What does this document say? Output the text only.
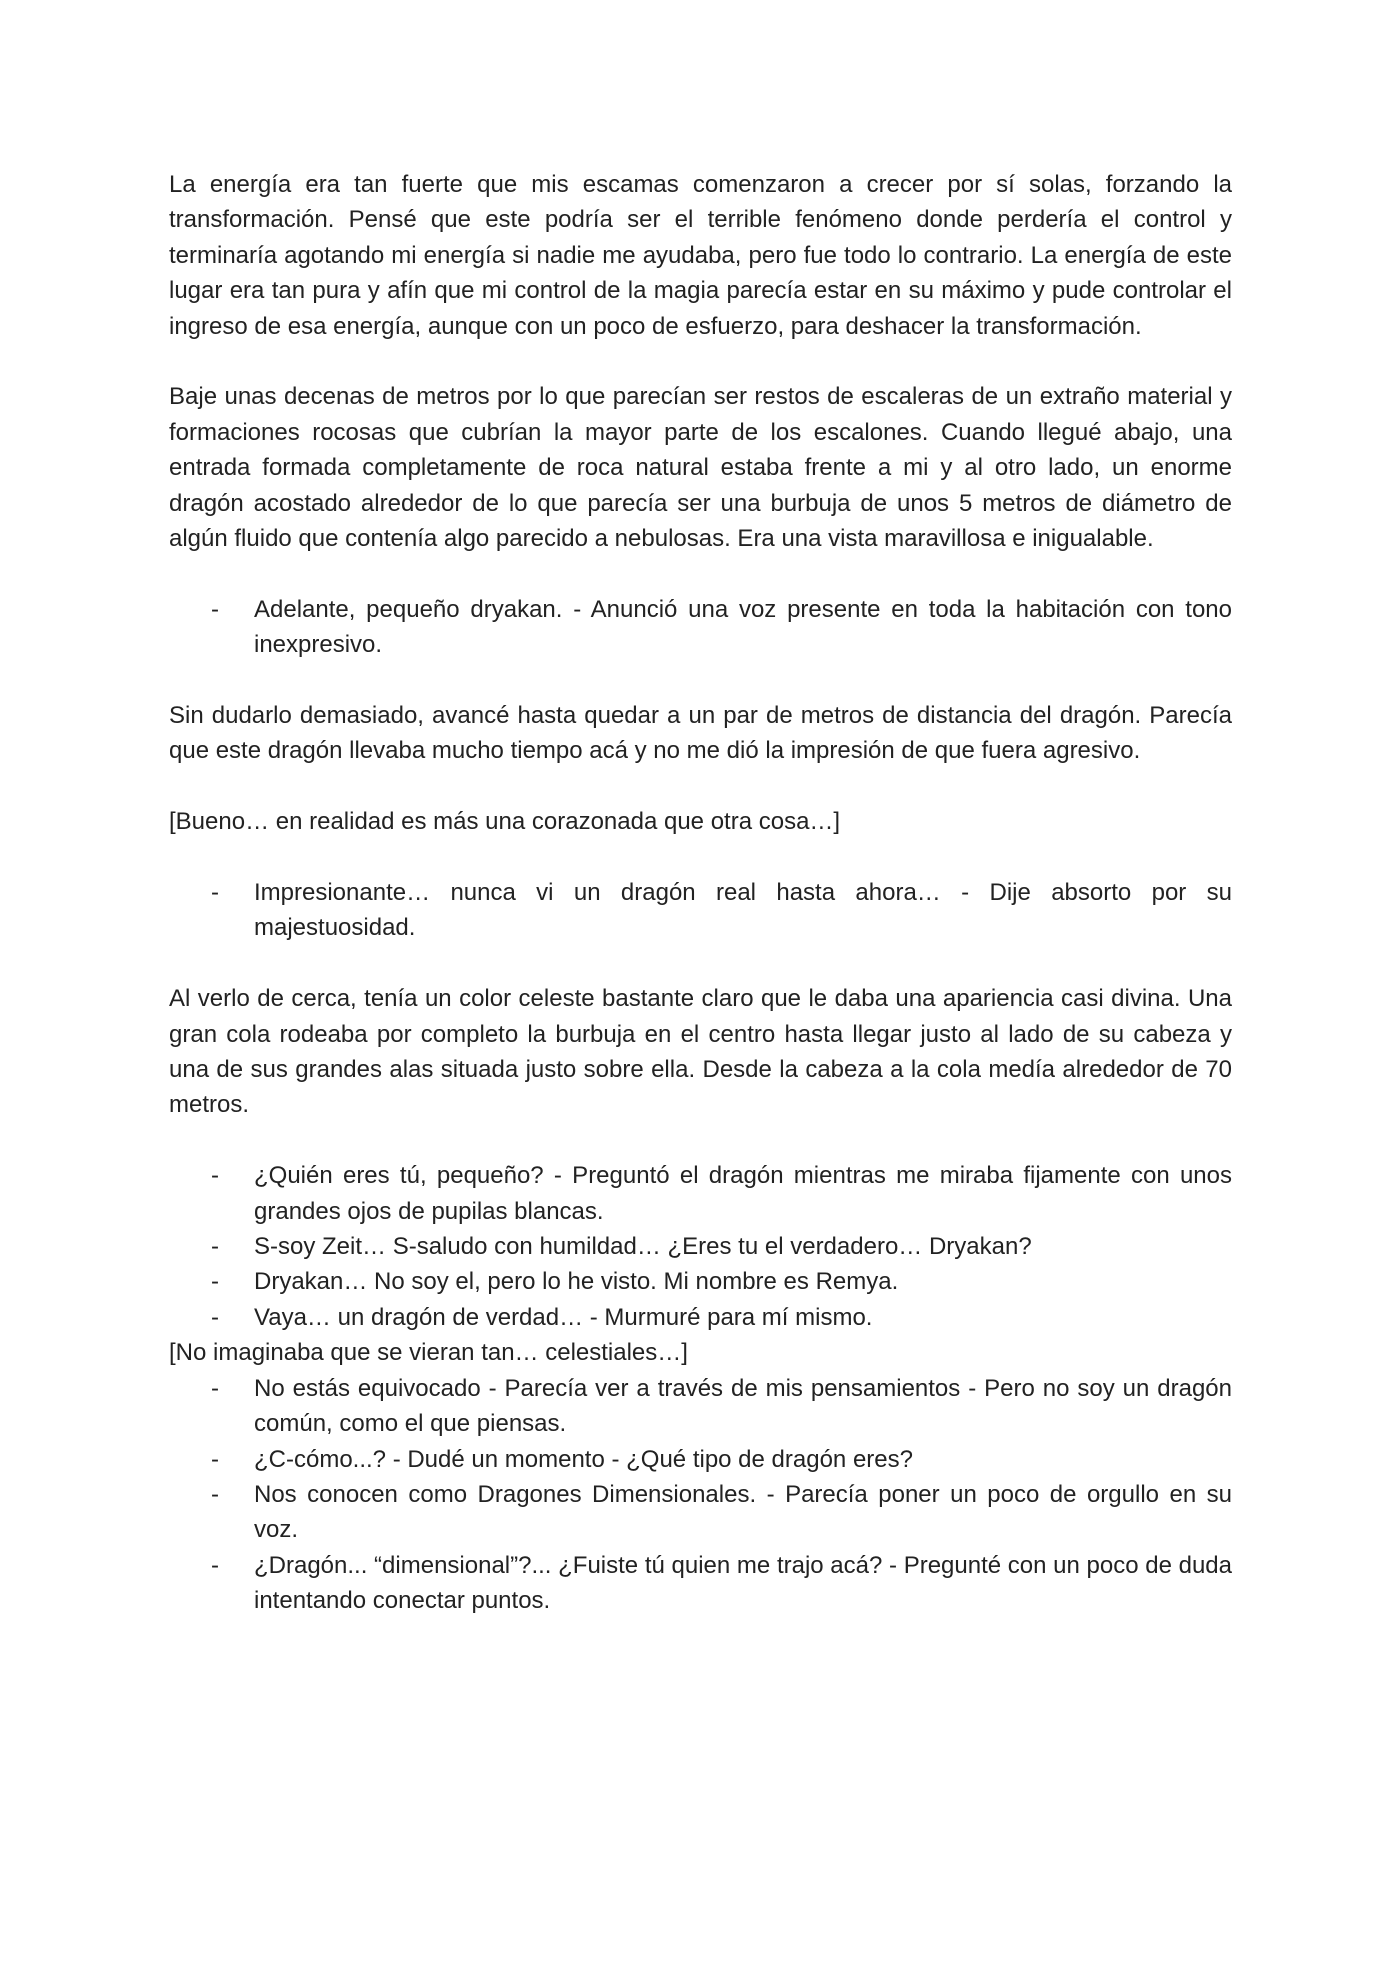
La energía era tan fuerte que mis escamas comenzaron a crecer por sí solas, forzando la transformación. Pensé que este podría ser el terrible fenómeno donde perdería el control y terminaría agotando mi energía si nadie me ayudaba, pero fue todo lo contrario. La energía de este lugar era tan pura y afín que mi control de la magia parecía estar en su máximo y pude controlar el ingreso de esa energía, aunque con un poco de esfuerzo, para deshacer la transformación.

Baje unas decenas de metros por lo que parecían ser restos de escaleras de un extraño material y formaciones rocosas que cubrían la mayor parte de los escalones. Cuando llegué abajo, una entrada formada completamente de roca natural estaba frente a mi y al otro lado, un enorme dragón acostado alrededor de lo que parecía ser una burbuja de unos 5 metros de diámetro de algún fluido que contenía algo parecido a nebulosas. Era una vista maravillosa e inigualable.

- Adelante, pequeño dryakan. - Anunció una voz presente en toda la habitación con tono inexpresivo.

Sin dudarlo demasiado, avancé hasta quedar a un par de metros de distancia del dragón. Parecía que este dragón llevaba mucho tiempo acá y no me dió la impresión de que fuera agresivo.

[Bueno… en realidad es más una corazonada que otra cosa…]

- Impresionante… nunca vi un dragón real hasta ahora… - Dije absorto por su majestuosidad.

Al verlo de cerca, tenía un color celeste bastante claro que le daba una apariencia casi divina. Una gran cola rodeaba por completo la burbuja en el centro hasta llegar justo al lado de su cabeza y una de sus grandes alas situada justo sobre ella. Desde la cabeza a la cola medía alrededor de 70 metros.

- ¿Quién eres tú, pequeño? - Preguntó el dragón mientras me miraba fijamente con unos grandes ojos de pupilas blancas.

- S-soy Zeit… S-saludo con humildad… ¿Eres tu el verdadero… Dryakan?

- Dryakan… No soy el, pero lo he visto. Mi nombre es Remya.

- Vaya… un dragón de verdad… - Murmuré para mí mismo.

[No imaginaba que se vieran tan… celestiales…]

- No estás equivocado - Parecía ver a través de mis pensamientos - Pero no soy un dragón común, como el que piensas.

- ¿C-cómo...? - Dudé un momento - ¿Qué tipo de dragón eres?

- Nos conocen como Dragones Dimensionales. - Parecía poner un poco de orgullo en su voz.

- ¿Dragón... “dimensional”?... ¿Fuiste tú quien me trajo acá? - Pregunté con un poco de duda intentando conectar puntos.
